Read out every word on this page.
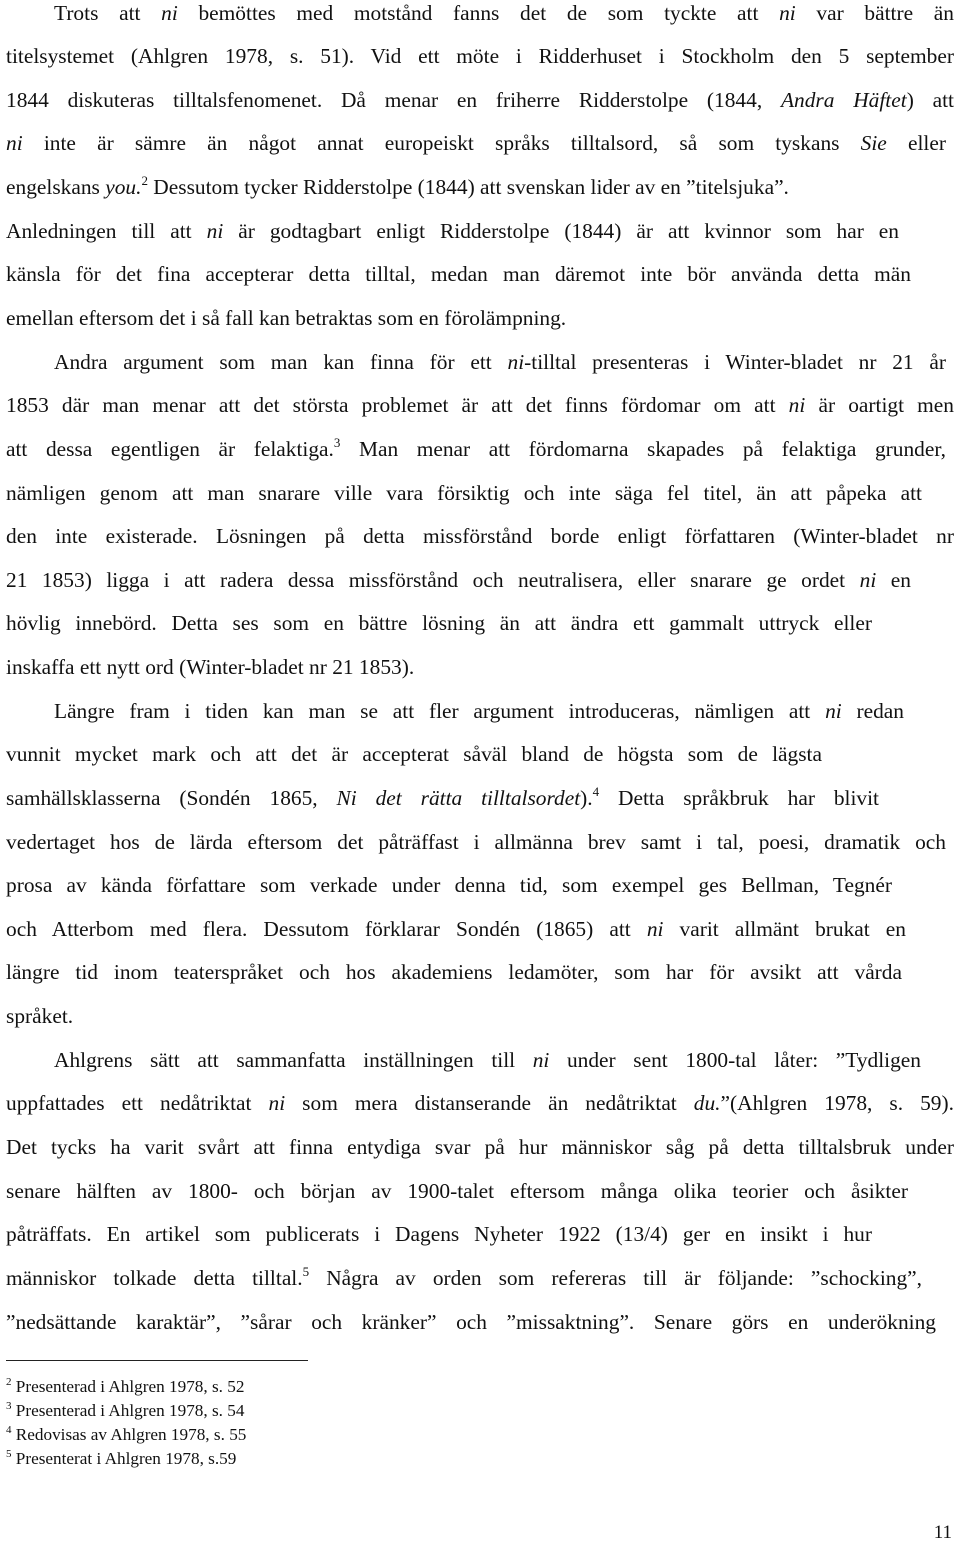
Trots att ni bemöttes med motstånd fanns det de som tyckte att ni var bättre än
titelsystemet (Ahlgren 1978, s. 51). Vid ett möte i Ridderhuset i Stockholm den 5 september
1844 diskuteras tilltalsfenomenet. Då menar en friherre Ridderstolpe (1844, Andra Häftet) att
ni inte är sämre än något annat europeiskt språks tilltalsord, så som tyskans Sie eller
engelskans you.$^2$ Dessutom tycker Ridderstolpe (1844) att svenskan lider av en ”titelsjuka”.
Anledningen till att ni är godtagbart enligt Ridderstolpe (1844) är att kvinnor som har en
känsla för det fina accepterar detta tilltal, medan man däremot inte bör använda detta män
emellan eftersom det i så fall kan betraktas som en förolämpning.
Andra argument som man kan finna för ett ni-tilltal presenteras i Winter-bladet nr 21 år
1853 där man menar att det största problemet är att det finns fördomar om att ni är oartigt men
att dessa egentligen är felaktiga.$^3$ Man menar att fördomarna skapades på felaktiga grunder,
nämligen genom att man snarare ville vara försiktig och inte säga fel titel, än att påpeka att
den inte existerade. Lösningen på detta missförstånd borde enligt författaren (Winter-bladet nr
21 1853) ligga i att radera dessa missförstånd och neutralisera, eller snarare ge ordet ni en
hövlig innebörd. Detta ses som en bättre lösning än att ändra ett gammalt uttryck eller
inskaffa ett nytt ord (Winter-bladet nr 21 1853).
Längre fram i tiden kan man se att fler argument introduceras, nämligen att ni redan
vunnit mycket mark och att det är accepterat såväl bland de högsta som de lägsta
samhällsklasserna (Sondén 1865, Ni det rätta tilltalsordet).$^4$ Detta språkbruk har blivit
vedertaget hos de lärda eftersom det påträffast i allmänna brev samt i tal, poesi, dramatik och
prosa av kända författare som verkade under denna tid, som exempel ges Bellman, Tegnér
och Atterbom med flera. Dessutom förklarar Sondén (1865) att ni varit allmänt brukat en
längre tid inom teaterspråket och hos akademiens ledamöter, som har för avsikt att vårda
språket.
Ahlgrens sätt att sammanfatta inställningen till ni under sent 1800-tal låter: ”Tydligen
uppfattades ett nedåtriktat ni som mera distanserande än nedåtriktat du.”(Ahlgren 1978, s. 59).
Det tycks ha varit svårt att finna entydiga svar på hur människor såg på detta tilltalsbruk under
senare hälften av 1800- och början av 1900-talet eftersom många olika teorier och åsikter
påträffats. En artikel som publicerats i Dagens Nyheter 1922 (13/4) ger en insikt i hur
människor tolkade detta tilltal.$^5$ Några av orden som refereras till är följande: ”schocking”,
”nedsättande karaktär”, ”sårar och kränker” och ”missaktning”. Senare görs en underökning
$^2$ Presenterad i Ahlgren 1978, s. 52
$^3$ Presenterad i Ahlgren 1978, s. 54
$^4$ Redovisas av Ahlgren 1978, s. 55
$^5$ Presenterat i Ahlgren 1978, s.59
11
